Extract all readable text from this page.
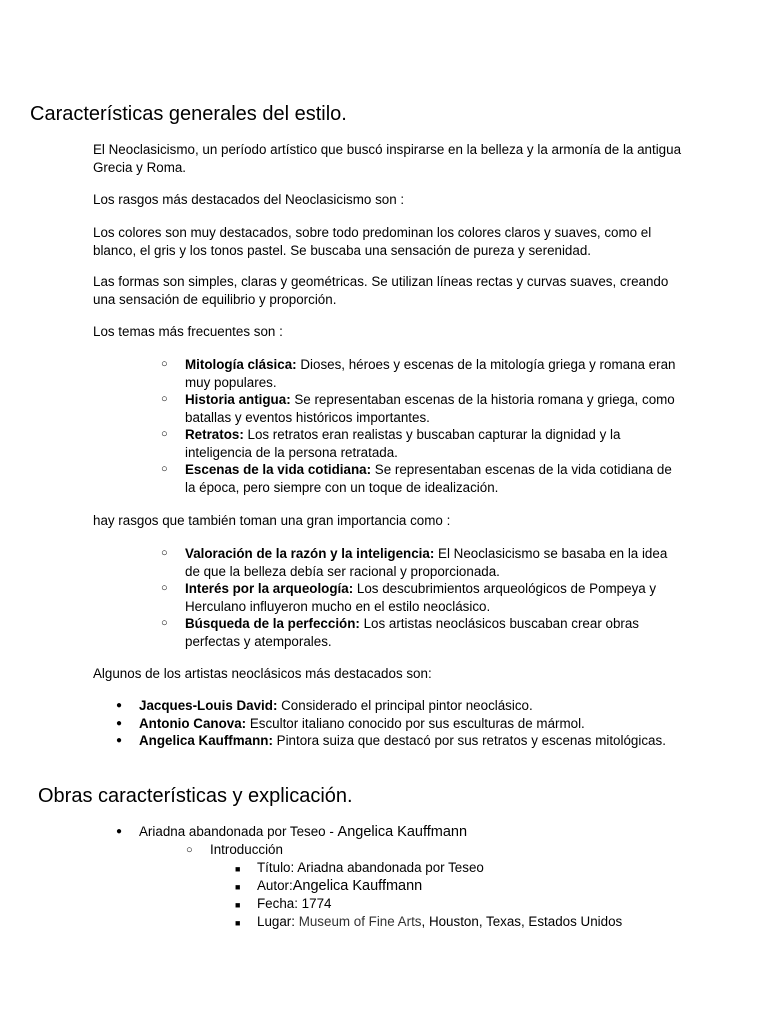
Características generales del estilo.

El Neoclasicismo, un período artístico que buscó inspirarse en la belleza y la armonía de la antigua Grecia y Roma.

Los rasgos más destacados del Neoclasicismo son :

Los colores son muy destacados, sobre todo predominan los colores claros y suaves, como el blanco, el gris y los tonos pastel. Se buscaba una sensación de pureza y serenidad.

Las formas son simples, claras y geométricas. Se utilizan líneas rectas y curvas suaves, creando una sensación de equilibrio y proporción.

Los temas más frecuentes son :

○ Mitología clásica: Dioses, héroes y escenas de la mitología griega y romana eran muy populares.
○ Historia antigua: Se representaban escenas de la historia romana y griega, como batallas y eventos históricos importantes.
○ Retratos: Los retratos eran realistas y buscaban capturar la dignidad y la inteligencia de la persona retratada.
○ Escenas de la vida cotidiana: Se representaban escenas de la vida cotidiana de la época, pero siempre con un toque de idealización.

hay rasgos que también toman una gran importancia como :

○ Valoración de la razón y la inteligencia: El Neoclasicismo se basaba en la idea de que la belleza debía ser racional y proporcionada.
○ Interés por la arqueología: Los descubrimientos arqueológicos de Pompeya y Herculano influyeron mucho en el estilo neoclásico.
○ Búsqueda de la perfección: Los artistas neoclásicos buscaban crear obras perfectas y atemporales.

Algunos de los artistas neoclásicos más destacados son:

● Jacques-Louis David: Considerado el principal pintor neoclásico.
● Antonio Canova: Escultor italiano conocido por sus esculturas de mármol.
● Angelica Kauffmann: Pintora suiza que destacó por sus retratos y escenas mitológicas.
Obras características y explicación.
● Ariadna abandonada por Teseo - Angelica Kauffmann
○ Introducción
■ Título: Ariadna abandonada por Teseo
■ Autor:Angelica Kauffmann
■ Fecha: 1774
■ Lugar: Museum of Fine Arts, Houston, Texas, Estados Unidos
